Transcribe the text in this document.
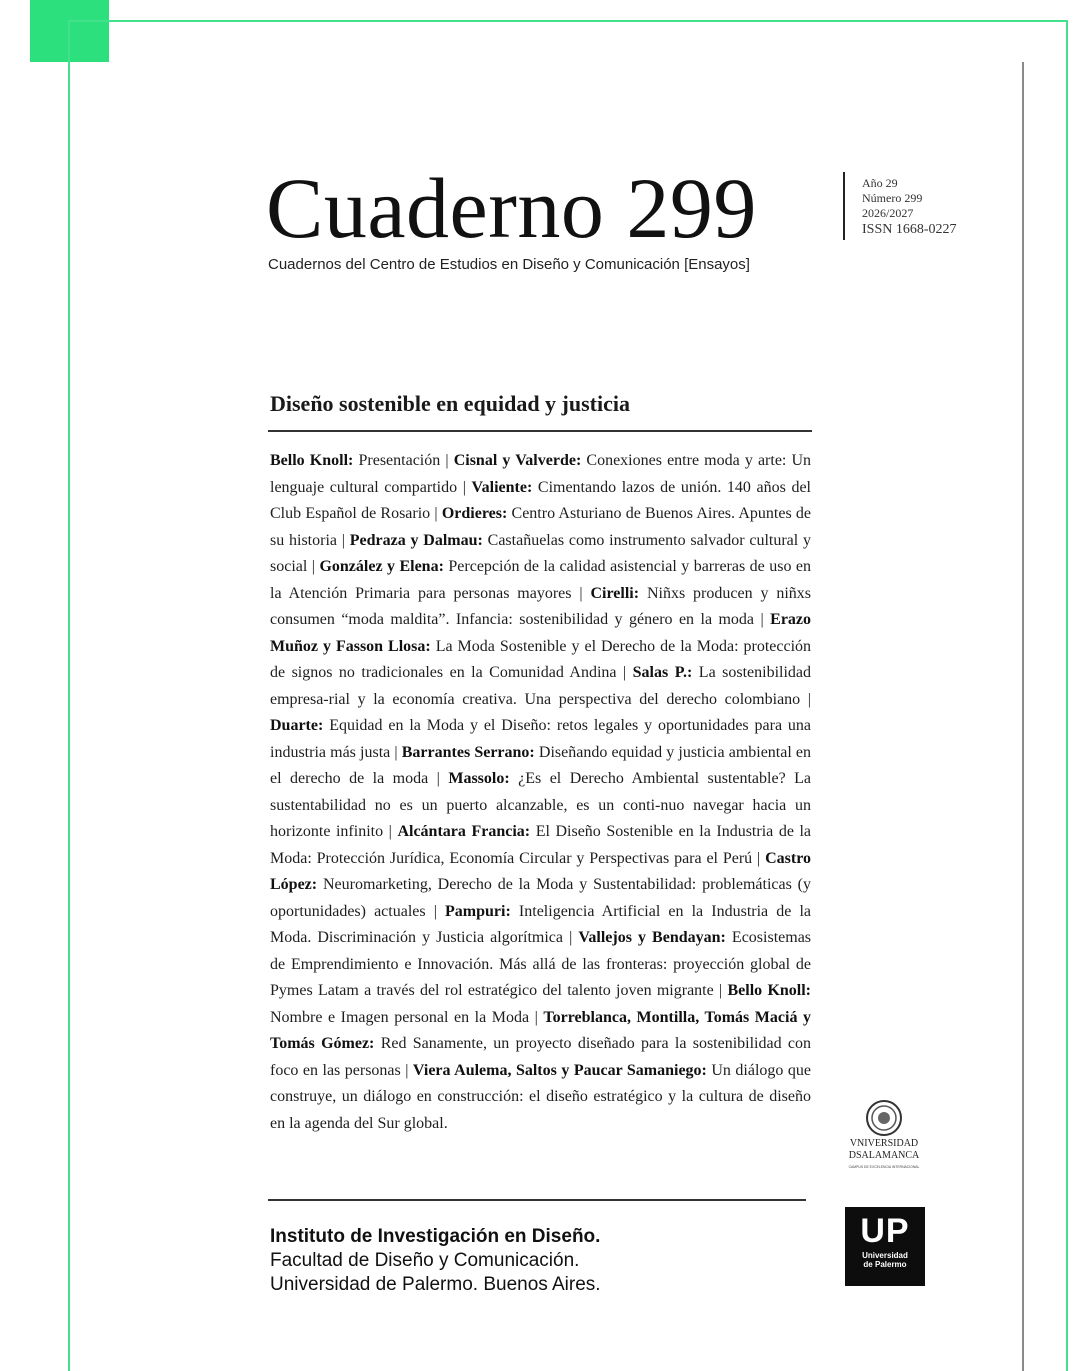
Cuaderno 299
Cuadernos del Centro de Estudios en Diseño y Comunicación [Ensayos]
Año 29
Número 299
2026/2027
ISSN 1668-0227
Diseño sostenible en equidad y justicia
Bello Knoll: Presentación | Cisnal y Valverde: Conexiones entre moda y arte: Un lenguaje cultural compartido | Valiente: Cimentando lazos de unión. 140 años del Club Español de Rosario | Ordieres: Centro Asturiano de Buenos Aires. Apuntes de su historia | Pedraza y Dalmau: Castañuelas como instrumento salvador cultural y social | González y Elena: Percepción de la calidad asistencial y barreras de uso en la Atención Primaria para personas mayores | Cirelli: Niñxs producen y niñxs consumen “moda maldita”. Infancia: sostenibilidad y género en la moda | Erazo Muñoz y Fasson Llosa: La Moda Sostenible y el Derecho de la Moda: protección de signos no tradicionales en la Comunidad Andina | Salas P.: La sostenibilidad empresa-rial y la economía creativa. Una perspectiva del derecho colombiano | Duarte: Equidad en la Moda y el Diseño: retos legales y oportunidades para una industria más justa | Barrantes Serrano: Diseñando equidad y justicia ambiental en el derecho de la moda | Massolo: ¿Es el Derecho Ambiental sustentable? La sustentabilidad no es un puerto alcanzable, es un conti-nuo navegar hacia un horizonte infinito | Alcántara Francia: El Diseño Sostenible en la Industria de la Moda: Protección Jurídica, Economía Circular y Perspectivas para el Perú | Castro López: Neuromarketing, Derecho de la Moda y Sustentabilidad: problemáticas (y oportunidades) actuales | Pampuri: Inteligencia Artificial en la Industria de la Moda. Discriminación y Justicia algorítmica | Vallejos y Bendayan: Ecosistemas de Emprendimiento e Innovación. Más allá de las fronteras: proyección global de Pymes Latam a través del rol estratégico del talento joven migrante | Bello Knoll: Nombre e Imagen personal en la Moda | Torreblanca, Montilla, Tomás Maciá y Tomás Gómez: Red Sanamente, un proyecto diseñado para la sostenibilidad con foco en las personas | Viera Aulema, Saltos y Paucar Samaniego: Un diálogo que construye, un diálogo en construcción: el diseño estratégico y la cultura de diseño en la agenda del Sur global.
Instituto de Investigación en Diseño.
Facultad de Diseño y Comunicación.
Universidad de Palermo. Buenos Aires.
VNIVERSIDAD
DSALAMANCA
CAMPUS DE EXCELENCIA INTERNACIONAL
UP
Universidad
de Palermo
